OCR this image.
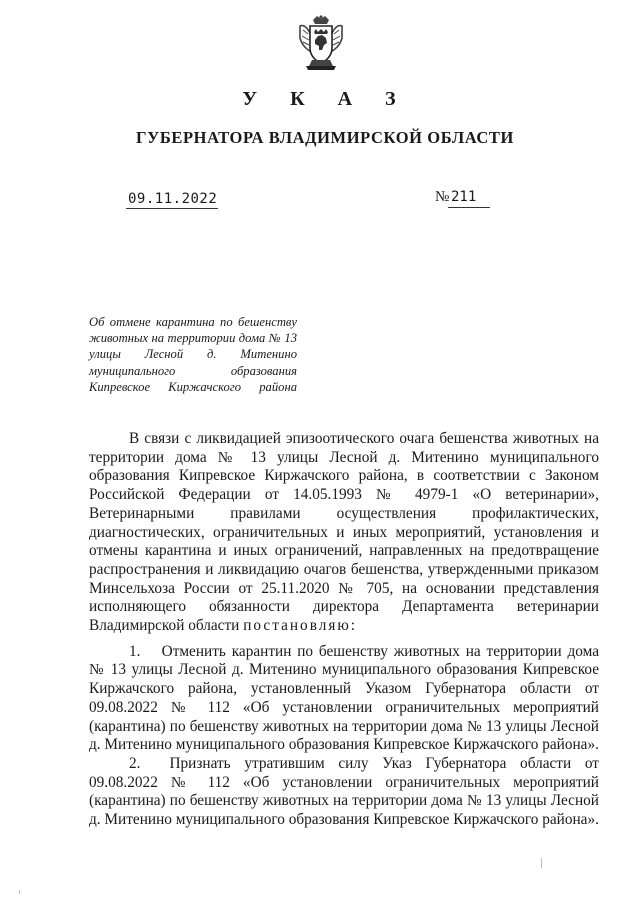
У К А З
ГУБЕРНАТОРА ВЛАДИМИРСКОЙ ОБЛАСТИ
09.11.2022	№ 211
Об отмене карантина по бешенству животных на территории дома № 13 улицы Лесной д. Митенино муниципального образования Кипревское Киржачского района

В связи с ликвидацией эпизоотического очага бешенства животных на территории дома № 13 улицы Лесной д. Митенино муниципального образования Кипревское Киржачского района, в соответствии с Законом Российской Федерации от 14.05.1993 № 4979-1 «О ветеринарии», Ветеринарными правилами осуществления профилактических, диагностических, ограничительных и иных мероприятий, установления и отмены карантина и иных ограничений, направленных на предотвращение распространения и ликвидацию очагов бешенства, утвержденными приказом Минсельхоза России от 25.11.2020 № 705, на основании представления исполняющего обязанности директора Департамента ветеринарии Владимирской области постановляю:

1.  Отменить карантин по бешенству животных на территории дома № 13 улицы Лесной д. Митенино муниципального образования Кипревское Киржачского района, установленный Указом Губернатора области от 09.08.2022 № 112 «Об установлении ограничительных мероприятий (карантина) по бешенству животных на территории дома № 13 улицы Лесной д. Митенино муниципального образования Кипревское Киржачского района».

2.  Признать утратившим силу Указ Губернатора области от 09.08.2022 № 112 «Об установлении ограничительных мероприятий (карантина) по бешенству животных на территории дома № 13 улицы Лесной д. Митенино муниципального образования Кипревское Киржачского района».
